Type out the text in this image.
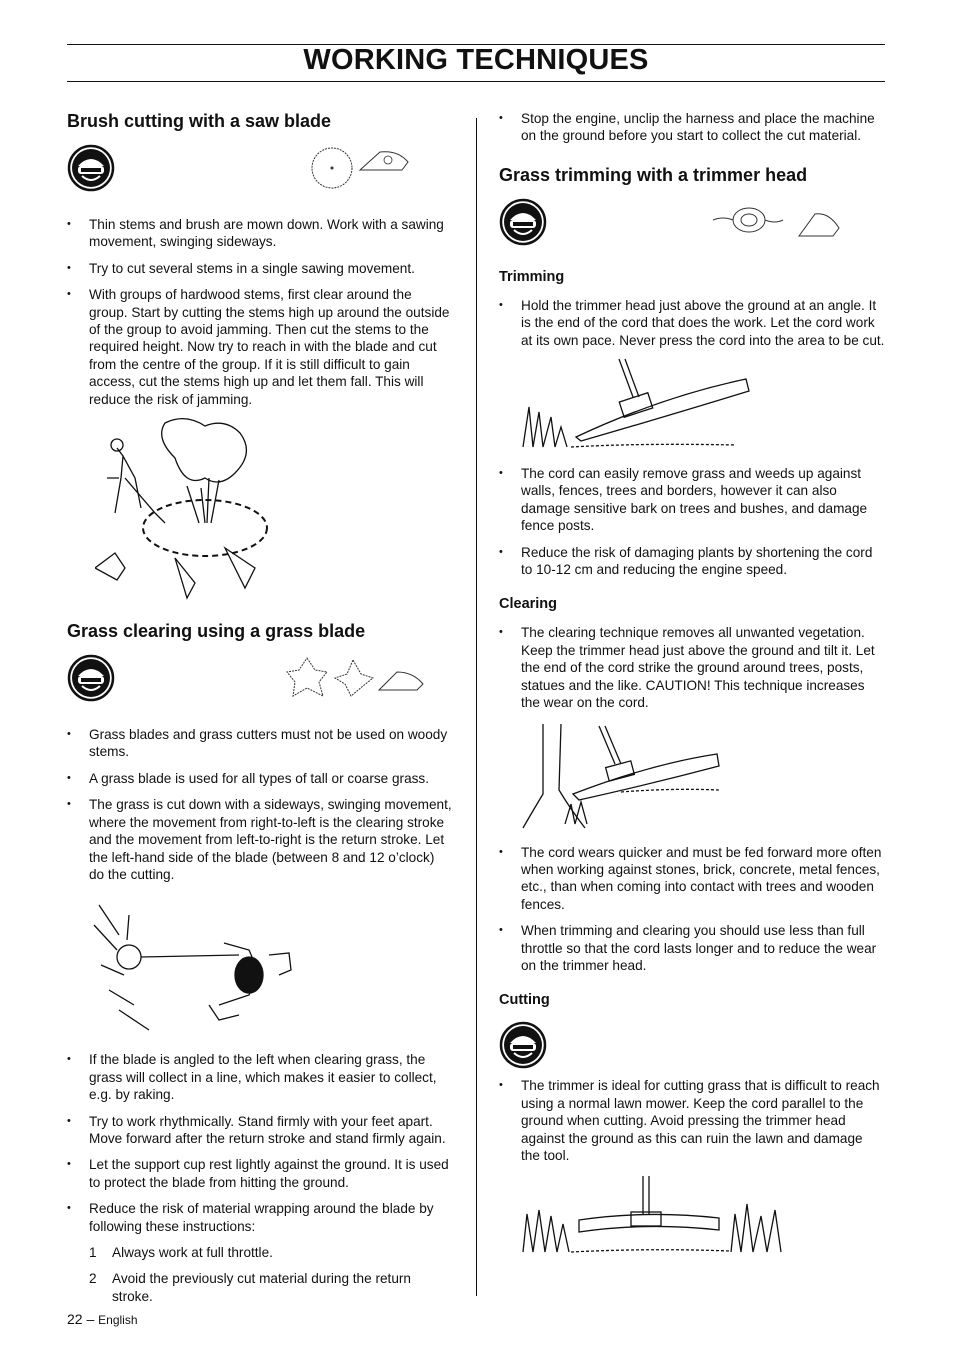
WORKING TECHNIQUES
Brush cutting with a saw blade
• Thin stems and brush are mown down. Work with a sawing movement, swinging sideways.
• Try to cut several stems in a single sawing movement.
• With groups of hardwood stems, first clear around the group. Start by cutting the stems high up around the outside of the group to avoid jamming. Then cut the stems to the required height. Now try to reach in with the blade and cut from the centre of the group. If it is still difficult to gain access, cut the stems high up and let them fall. This will reduce the risk of jamming.
Grass clearing using a grass blade
• Grass blades and grass cutters must not be used on woody stems.
• A grass blade is used for all types of tall or coarse grass.
• The grass is cut down with a sideways, swinging movement, where the movement from right-to-left is the clearing stroke and the movement from left-to-right is the return stroke. Let the left-hand side of the blade (between 8 and 12 o’clock) do the cutting.
• If the blade is angled to the left when clearing grass, the grass will collect in a line, which makes it easier to collect, e.g. by raking.
• Try to work rhythmically. Stand firmly with your feet apart. Move forward after the return stroke and stand firmly again.
• Let the support cup rest lightly against the ground. It is used to protect the blade from hitting the ground.
• Reduce the risk of material wrapping around the blade by following these instructions:
1 Always work at full throttle.
2 Avoid the previously cut material during the return stroke.
• Stop the engine, unclip the harness and place the machine on the ground before you start to collect the cut material.
Grass trimming with a trimmer head
Trimming
• Hold the trimmer head just above the ground at an angle. It is the end of the cord that does the work. Let the cord work at its own pace. Never press the cord into the area to be cut.
• The cord can easily remove grass and weeds up against walls, fences, trees and borders, however it can also damage sensitive bark on trees and bushes, and damage fence posts.
• Reduce the risk of damaging plants by shortening the cord to 10-12 cm and reducing the engine speed.
Clearing
• The clearing technique removes all unwanted vegetation. Keep the trimmer head just above the ground and tilt it. Let the end of the cord strike the ground around trees, posts, statues and the like. CAUTION! This technique increases the wear on the cord.
• The cord wears quicker and must be fed forward more often when working against stones, brick, concrete, metal fences, etc., than when coming into contact with trees and wooden fences.
• When trimming and clearing you should use less than full throttle so that the cord lasts longer and to reduce the wear on the trimmer head.
Cutting
• The trimmer is ideal for cutting grass that is difficult to reach using a normal lawn mower. Keep the cord parallel to the ground when cutting. Avoid pressing the trimmer head against the ground as this can ruin the lawn and damage the tool.
22 – English
